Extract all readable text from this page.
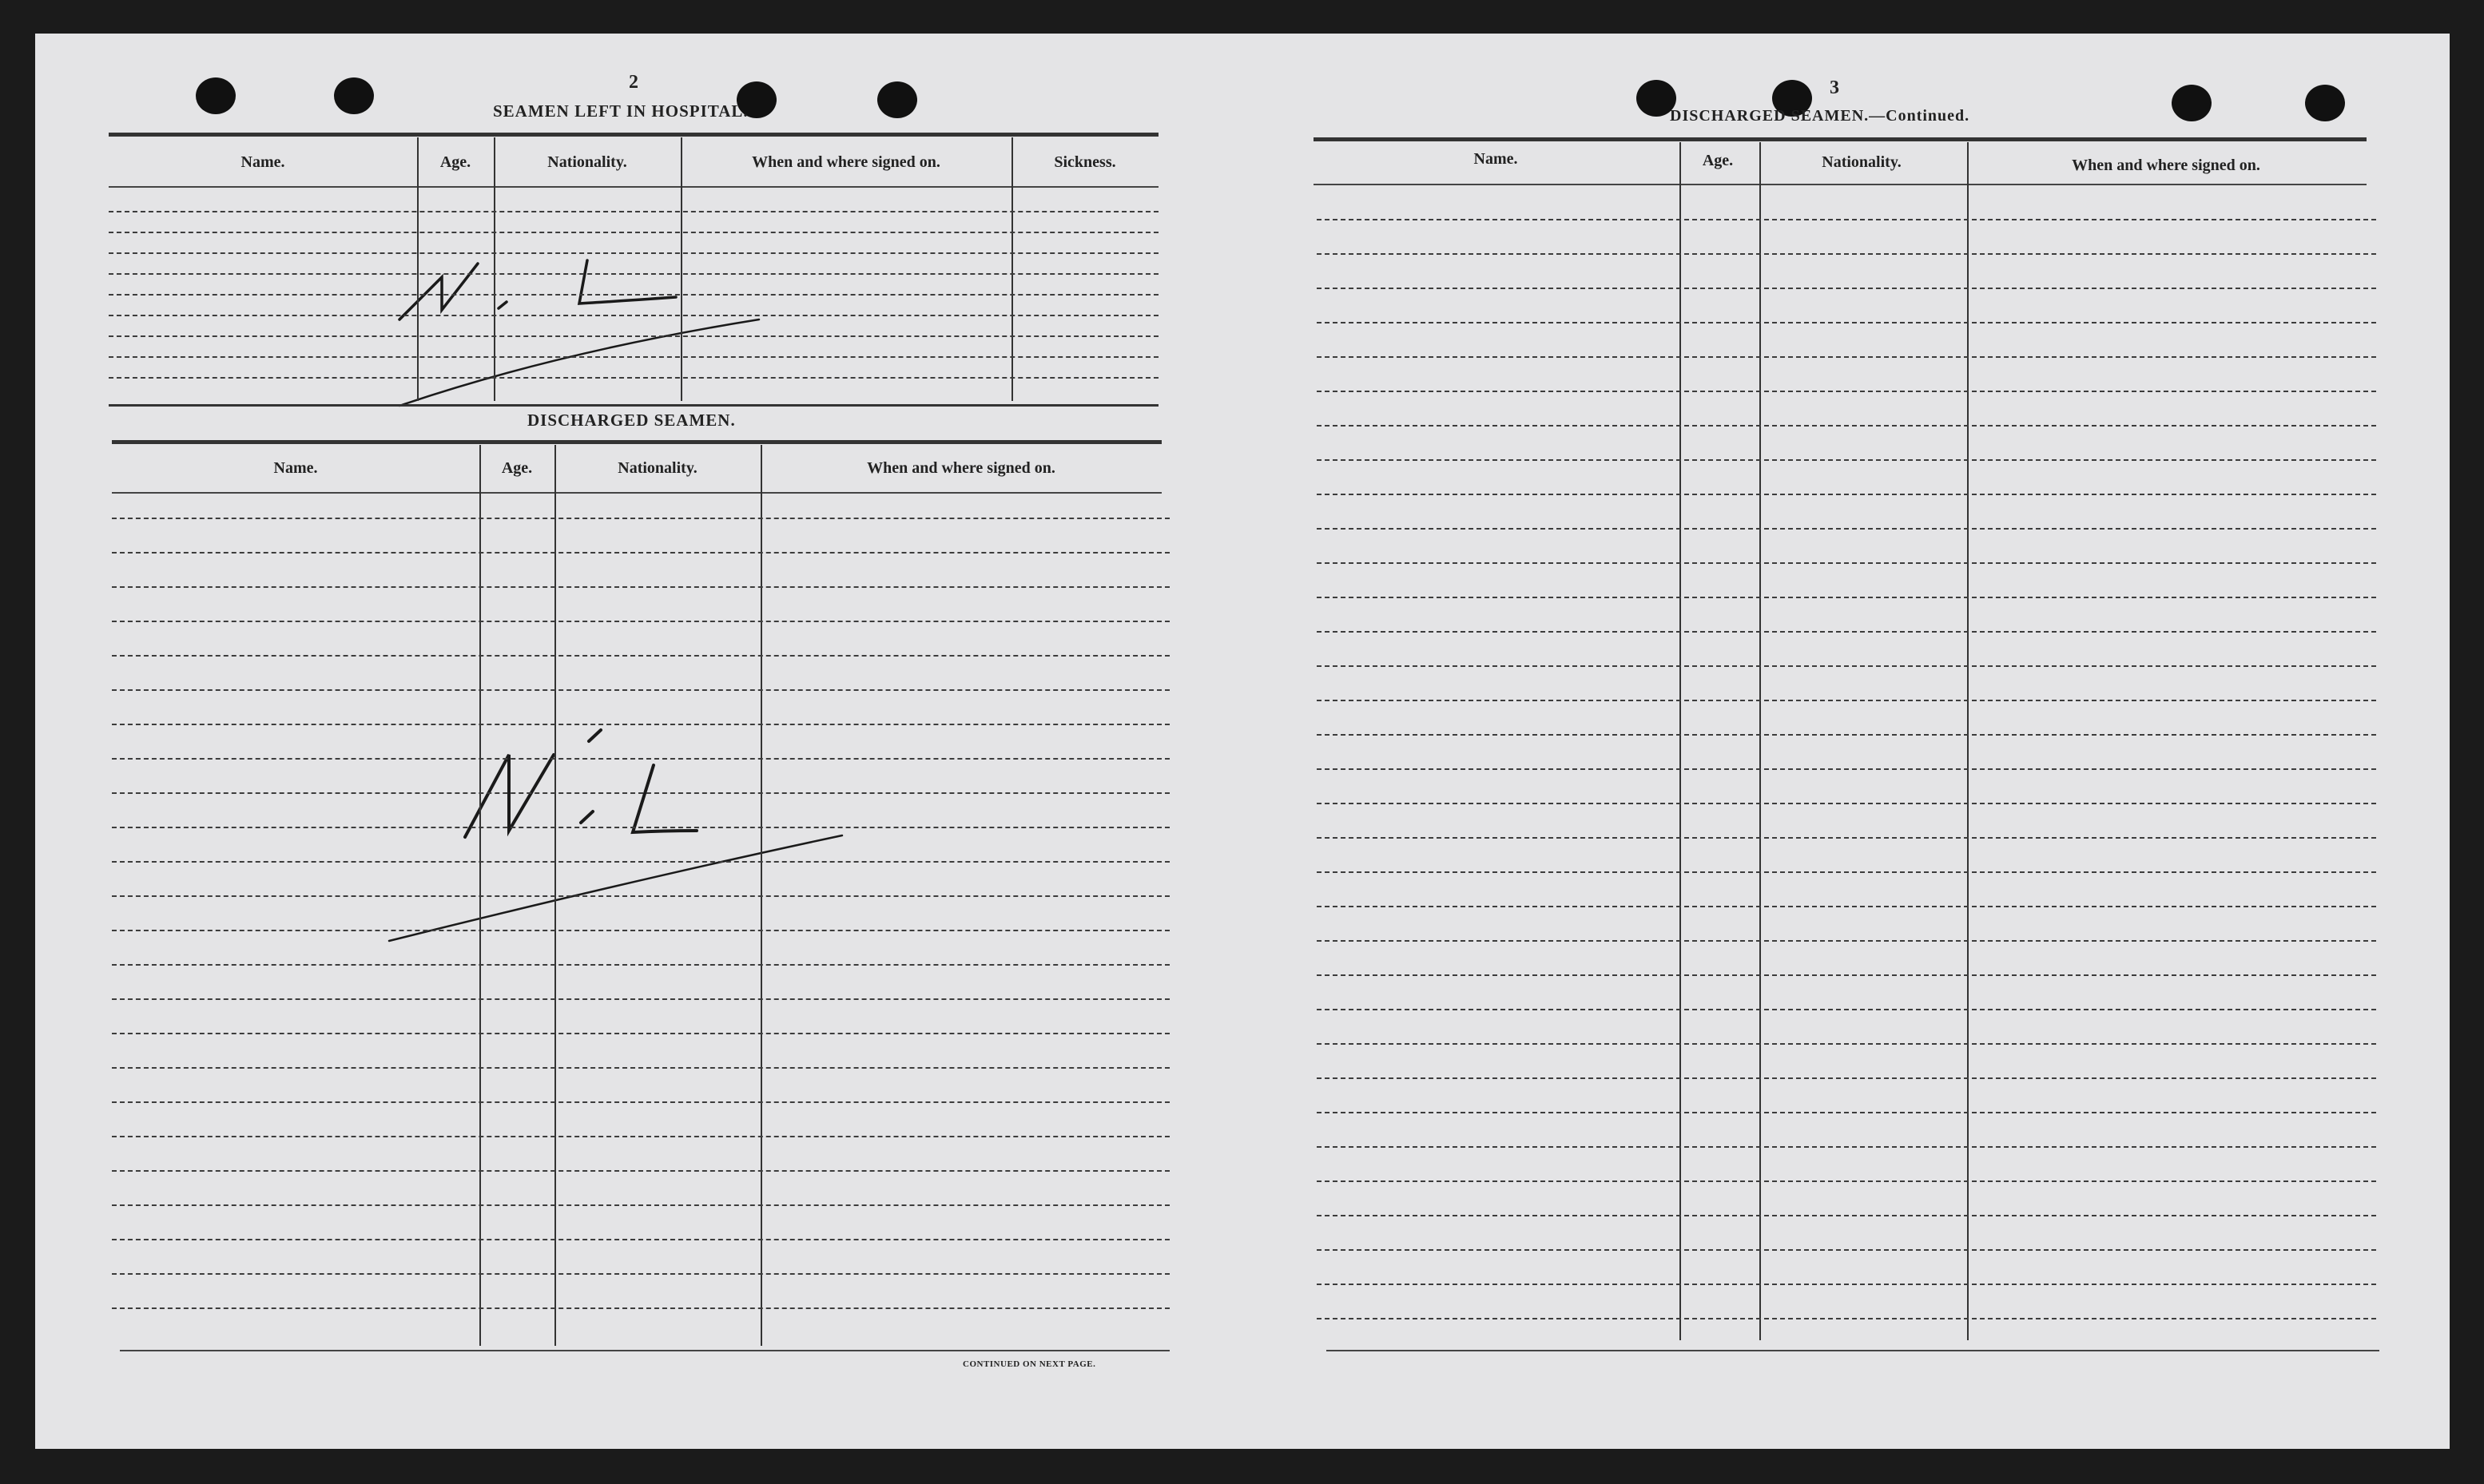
2
SEAMEN LEFT IN HOSPITAL.
DISCHARGED SEAMEN.
CONTINUED ON NEXT PAGE.
3
DISCHARGED SEAMEN.—Continued.
Name.	Age.	Nationality.	When and where signed on.	Sickness.
Name.	Age.	Nationality.	When and where signed on.
Name.	Age.	Nationality.	When and where signed on.
